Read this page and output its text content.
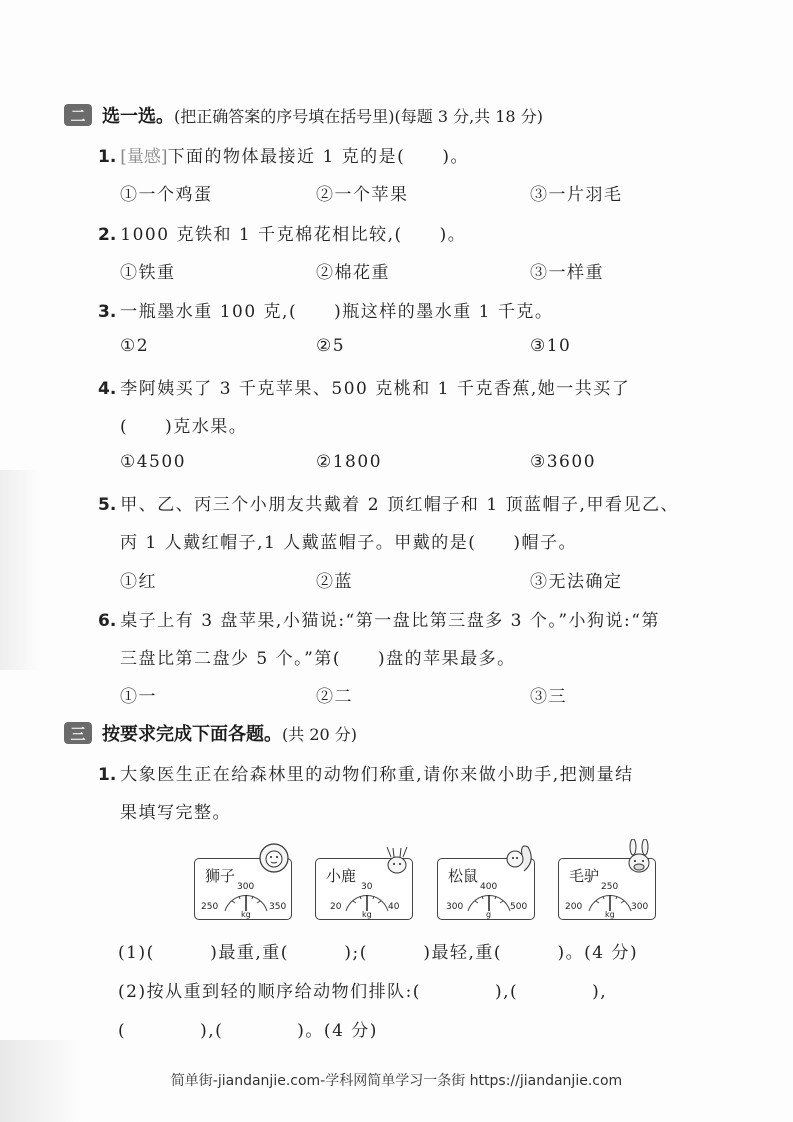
二 选一选。 (把正确答案的序号填在括号里)(每题 3 分,共 18 分)
1. [量感]下面的物体最接近 1 克的是(　　)。
①一个鸡蛋	②一个苹果	③一片羽毛
2. 1000 克铁和 1 千克棉花相比较,(　　)。
①铁重	②棉花重	③一样重
3. 一瓶墨水重 100 克,(　　)瓶这样的墨水重 1 千克。
①2	②5	③10
4. 李阿姨买了 3 千克苹果、500 克桃和 1 千克香蕉,她一共买了
(　　)克水果。
①4500	②1800	③3600
5. 甲、乙、丙三个小朋友共戴着 2 顶红帽子和 1 顶蓝帽子,甲看见乙、
丙 1 人戴红帽子,1 人戴蓝帽子。甲戴的是(　　)帽子。
①红	②蓝	③无法确定
6. 桌子上有 3 盘苹果,小猫说:“第一盘比第三盘多 3 个。”小狗说:“第
三盘比第二盘少 5 个。”第(　　)盘的苹果最多。
①一	②二	③三
三 按要求完成下面各题。 (共 20 分)
1. 大象医生正在给森林里的动物们称重,请你来做小助手,把测量结
果填写完整。
狮子
300
250	350
kg
小鹿
30
20	40
kg
松鼠
400
300	500
g
毛驴
250
200	300
kg
(1)(　　　)最重,重(　　　);(　　　)最轻,重(　　　)。(4 分)
(2)按从重到轻的顺序给动物们排队:(　　　　),(　　　　),
(　　　　),(　　　　)。(4 分)
简单街-jiandanjie.com-学科网简单学习一条街 https://jiandanjie.com
